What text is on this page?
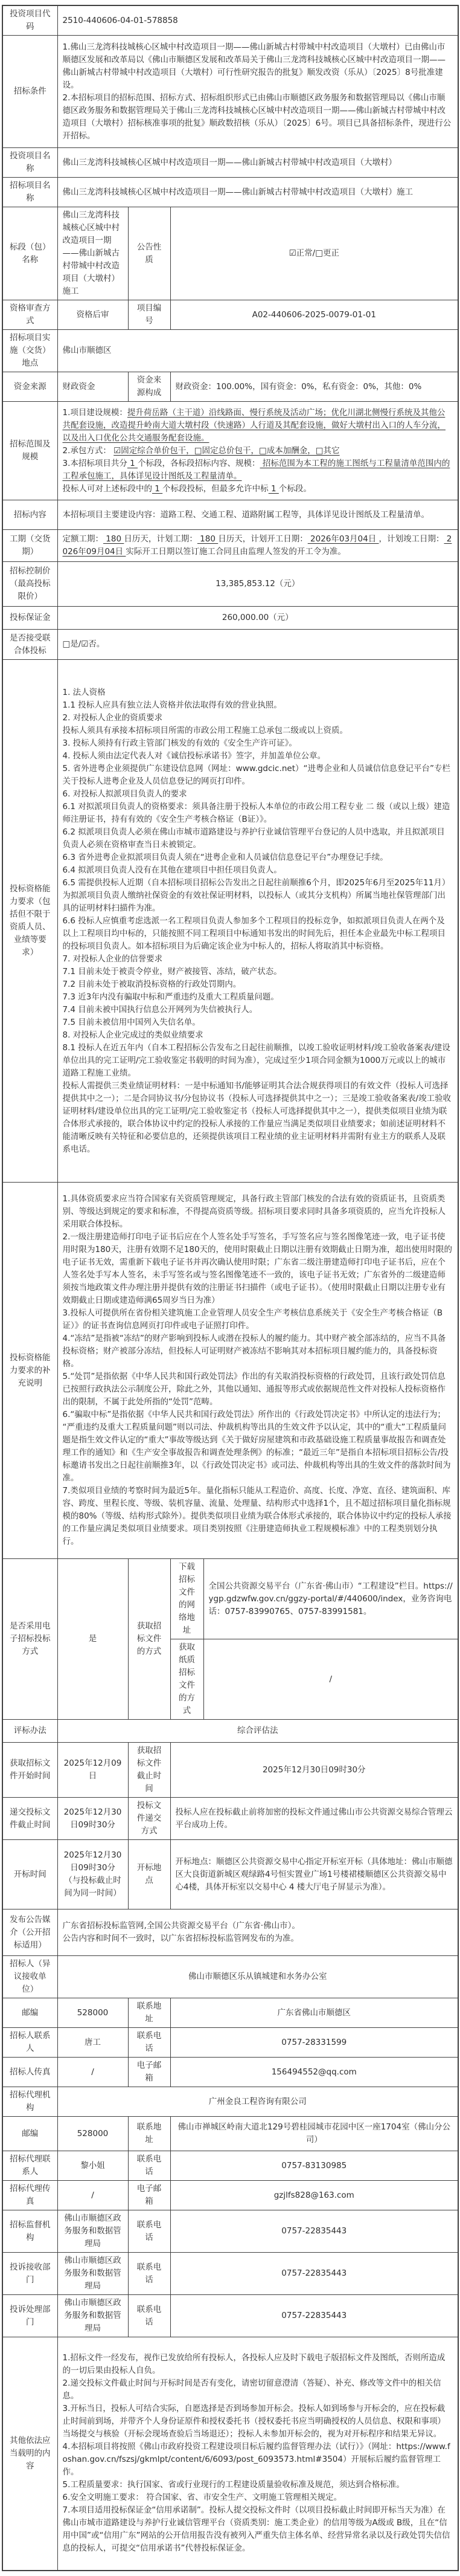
投资项目代码	2510-440606-04-01-578858			

招标条件	1.佛山三龙湾科技城核心区城中村改造项目一期——佛山新城古村带城中村改造项目（大墩村）已由佛山市顺德区发展和改革局以《佛山市顺德区发展和改革局关于佛山三龙湾科技城核心区城中村改造项目一期——佛山新城古村带城中村改造项目（大墩村）可行性研究报告的批复》顺发改资（乐从）〔2025〕8号批准建设。
2.本招标项目的招标范围、招标方式、招标组织形式已由佛山市顺德区政务服务和数据管理局以《佛山市顺德区政务服务和数据管理局关于佛山三龙湾科技城核心区城中村改造项目一期——佛山新城古村带城中村改造项目（大墩村）招标核准事项的批复》顺政数招核（乐从）〔2025〕6号。项目已具备招标条件，现进行公开招标。			

投资项目名称	佛山三龙湾科技城核心区城中村改造项目一期——佛山新城古村带城中村改造项目（大墩村）			

招标项目名称	佛山三龙湾科技城核心区城中村改造项目一期——佛山新城古村带城中村改造项目（大墩村）施工			

标段（包）名称	佛山三龙湾科技城核心区城中村改造项目一期——佛山新城古村带城中村改造项目（大墩村）施工	公告性质	☑正常/□更正	

资格审查方式	资格后审	项目编号	A02-440606-2025-0079-01-01	

招标项目实施（交货）地点	佛山市顺德区			

资金来源	财政资金	资金来源构成	财政资金：100.00%，国有资金：0%，私有资金：0%，其他：0%	

招标范围及规模	1.项目建设规模：提升荷岳路（主干道）沿线路面、慢行系统及活动广场；优化川湖北侧慢行系统及其他公共配套设施，改造提升岭南大道大墩村段（快速路）人行道及其配套设施，做好大墩村出入口的人车分流，以及出入口优化公共交通服务配套设施。
2.承包方式： ☑固定综合单价包干，□固定总价包干，□成本加酬金，□其它
3.本招标项目共分 1 个标段，各标段招标内容、规模： 招标范围为本工程的施工图纸与工程量清单范围内的工程承包施工，具体详见设计图纸及工程量清单。
投标人可对上述标段中的 1 个标段投标，但最多允许中标 1 个标段。			

招标内容	本招标项目主要建设内容：道路工程、交通工程、道路附属工程等，具体详见设计图纸及工程量清单。			

工期（交货期）	定额工期： 180 日历天，计划工期： 180 日历天，计划开工日期： 2026年03月04日 ，计划竣工日期： 2026年09月04日 实际开工日期以签订施工合同且由监理人签发的开工令为准。			

招标控制价（最高投标限价）	13,385,853.12（元）			

投标保证金	260,000.00（元）			

是否接受联合体投标	□是/☑否。			

投标资格能力要求（包括但不限于资质人员、业绩等要求）

1. 法人资格
1.1 投标人应具有独立法人资格并依法取得有效的营业执照。
2. 对投标人企业的资质要求
投标人须具有承接本招标项目所需的市政公用工程施工总承包二级或以上资质。
3. 投标人须持有行政主管部门核发的有效的《安全生产许可证》。
4. 投标人须由法定代表人对《诚信投标承诺书》签字，并加盖单位公章。
5. 省外进粤企业须提供广东建设信息网（网址：www.gdcic.net）“进粤企业和人员诚信信息登记平台”专栏关于投标人进粤企业及人员信息登记的网页打印件。
6. 对投标人拟派项目负责人的要求
6.1 对拟派项目负责人的资格要求：须具备注册于投标人本单位的市政公用工程专业 二 级（或以上级）建造师注册证书，持有有效的《安全生产考核合格证（B证）》。
6.2 拟派项目负责人必须在佛山市城市道路建设与养护行业诚信管理平台登记的人员中选取，并且拟派项目负责人必须在资格审查当日未被锁定。
6.3 省外进粤企业拟派项目负责人须在“进粤企业和人员诚信信息登记平台”办理登记手续。
6.4 拟派项目负责人没有在其他在建项目中担任项目负责人。
6.5 需提供投标人近期（自本招标项目招标公告发出之日起往前顺推6个月，即2025年6月至2025年11月）为拟派项目负责人缴纳社保资金的有效社保证明材料，以投标人（或其分支机构）所属当地社保管理部门出具的证明材料扫描件为准。
6.6 投标人应慎重考虑选派一名工程项目负责人参加多个工程项目的投标竞争，如拟派项目负责人在两个及以上工程项目均中标的，只能按照不同工程项目中标通知书发出的时间先后，担任本企业最先中标工程项目的投标项目负责人。如本招标项目为后确定该企业为中标人的，招标人将取消其中标资格。
7. 对投标人企业的信誉要求
7.1 目前未处于被责令停业，财产被接管、冻结，破产状态。
7.2 目前未处于被取消投标资格的行政处罚期内。
7.3 近3年内没有骗取中标和严重违约及重大工程质量问题。
7.4 目前未被中国执行信息公开网列为失信被执行人。
7.5 目前未被信用中国列入失信名单。
8. 对投标人企业完成过的类似业绩要求
8.1 投标人在近五年内（自本工程招标公告发布之日起往前顺推，以竣工验收证明材料/竣工验收备案表/建设单位出具的完工证明/完工验收鉴定书载明的时间为准），完成过至少1项合同金额为1000万元或以上的城市道路工程施工业绩。
投标人需提供三类业绩证明材料：一是中标通知书/能够证明其合法合规获得项目的有效文件（投标人可选择提供其中之一）；二是合同协议书/分包协议书（投标人可选择提供其中之一）；三是竣工验收备案表/竣工验收证明材料/建设单位出具的完工证明/完工验收鉴定书（投标人可选择提供其中之一），提供类似项目业绩为联合体形式承接的，联合体协议中约定的投标人承接的工作量应当满足类似项目业绩要求；如前述证明材料不能清晰反映有关特征和必要信息的，还须提供该项目工程业绩的业主证明材料并需附有业主方的联系人及联系电话。

投标资格能力要求的补充说明

1.具体资质要求应当符合国家有关资质管理规定，具备行政主管部门核发的合法有效的资质证书，且资质类别、等级达到规定的要求和标准，不得提高资质等级。招标项目要求同时具备多项资质的，应当允许投标人采用联合体投标。
2.一级注册建造师打印电子证书后应在个人签名处手写签名，手写签名应与签名图像笔迹一致，电子证书使用时限为180天，注册有效期不足180天的，使用时限截止日期以注册有效期截止日期为准，超出使用时限的电子证书无效，需重新下载电子证书并再次确认使用时限；广东省二级注册建造师打印电子证书后，应在个人签名处手写本人签名，未手写签名或与签名图像笔迹不一致的，该电子证书无效；广东省外的二级建造师须按当地政策文件办理注册并提供有效的注册证书扫描件（或电子证书）。（使用时限截止日期以注册专业有效期截止日期或建造师满65周岁当日为准）
3.投标人可提供所在省份相关建筑施工企业管理人员安全生产考核信息系统关于《安全生产考核合格证（B证）》的证书查询信息网页打印件或电子证照打印件。
4.“冻结”是指被“冻结”的财产影响到投标人或潜在投标人的履约能力。其中财产被全部冻结的，应当不具备投标资格；财产被部分冻结，但投标人可证明财产被冻结不影响其对本招标项目履约能力的，具备投标资格。
5.“处罚”是指依据《中华人民共和国行政处罚法》作出的有关取消投标资格的行政处罚，且该行政处罚信息已按照行政执法公示制度公开，除此之外，其他以通知、通报等形式或依据规范性文件对投标人投标资格作出的限制，不属于此处所指的“处罚”范畴。
6.“骗取中标”是指依据《中华人民共和国行政处罚法》所作出的《行政处罚决定书》中所认定的违法行为；“严重违约及重大工程质量问题”则以司法、仲裁机构等出具的生效文件予以认定，其中的“重大”工程质量问题是指生效文件认定的“重大”事故等级达到《关于做好房屋建筑和市政基础设施工程质量事故报告和调查处理工作的通知》和《生产安全事故报告和调查处理条例》的标准；“最近三年”是指自本招标项目招标公告/投标邀请书发出之日起往前顺推3年，以《行政处罚决定书》或司法、仲裁机构等出具的生效文件的落款时间为准。
7.类似项目业绩的考察时间为最近5年。量化指标只能从工程造价、高度、长度、净宽、直径、建筑面积、库容、跨度、里程长度、等级、装机容量、流量、处理量、结构形式中选择1个，且不超过招标项目量化指标规模的80%（等级、结构形式除外）。提供类似项目业绩为联合体形式承接的，联合体协议中约定的投标人承接的工作量应满足类似项目业绩要求。项目类别按照《注册建造师执业工程规模标准》中的工程类别划分执行。

是否采用电子招标投标方式	是	获取招标文件的方式	下载招标文件的网络地址	全国公共资源交易平台（广东省·佛山市）“工程建设”栏目。https://ygp.gdzwfw.gov.cn/ggzy-portal/#/440600/index，业务咨询电话：0757-83990765、0757-83991581。

			获取纸质招标文件的方式	/

评标办法	综合评估法			

获取招标文件开始时间	2025年12月09日	获取招标文件截止时间	2025年12月30日09时30分	

递交投标文件截止时间	2025年12月30日09时30分	投标文件递交方式	投标人应在投标截止前将加密的投标文件通过佛山市公共资源交易综合管理云平台成功上传。	

开标时间	2025年12月30日09时30分（与投标截止时间为同一时间）	开标地点	开标地点：顺德区公共资源交易中心指定开标室开标（具体地址：佛山市顺德区大良街道新城区观绿路4号恒实置业广场1号楼裙楼顺德区公共资源交易中心4楼，具体开标室以交易中心 4 楼大厅电子屏显示为准）。	

发布公告媒介（公开招标适用）	广东省招标投标监管网,全国公共资源交易平台（广东省·佛山市）。
公告内容和时间不一致时，以广东省招标投标监管网发布的为准。			

招标人（异议接收单位）	佛山市顺德区乐从镇城建和水务办公室			

邮编	528000	联系地址	广东省佛山市顺德区	

招标人联系人	唐工	联系电话	0757-28331599	

招标人传真	/	电子邮箱	156494552@qq.com	

招标代理机构	广州金良工程咨询有限公司			

邮编	528000	联系地址	佛山市禅城区岭南大道北129号碧桂园城市花园中区一座1704室（佛山分公司）	

招标代理联系人	黎小姐	联系电话	0757-83130985	

招标代理传真	/	电子邮箱	gzjlfs828@163.com	

招标监督机构	佛山市顺德区政务服务和数据管理局	联系电话	0757-22835443	

投诉接收部门	佛山市顺德区政务服务和数据管理局	联系电话	0757-22835443	

投诉处理部门	佛山市顺德区政务服务和数据管理局	联系电话	0757-22835443	

其他依法应当载明的内容

1.招标文件一经发布，视作已发放给所有投标人，各投标人应及时下载电子版招标文件及图纸，否则所造成的一切后果由投标人自负。
2.递交投标文件截止时间与开标时间是否有变化，请密切留意澄清（答疑）、补充、修改等文件中的相关信息。
3.开标当日，投标人可结合实际，自愿选择是否到场参加开标会。投标人如到场参与开标会的，应在投标截止时间前到场，并带齐个人身份证原件和授权委托书（授权委托书应当明确授权的人员信息、权限和事项）当场提交与核验（开标会现场查验后当场退还）；投标人未参加开标会的，视为对开标程序和结果无异议。
4.本招标项目将按照《佛山市政府投资工程建设项目标后履约监督管理办法（试行）》（网址：https://www.foshan.gov.cn/fszsj/gkmlpt/content/6/6093/post_6093573.html#3504）开展标后履约监督管理工作。
5.工程质量要求：执行国家、省或行业现行的工程建设质量验收标准及规范，须达到合格标准。
6.安全文明施工要求： 符合国家、省、市安全生产、文明施工管理相关规定。
7.本项目适用投标保证金“信用承诺制”。投标人提交投标文件时（以项目投标截止时间即开标当天为准）在佛山市城市道路建设与养护行业诚信管理平台（资质类别：施工类企业）的信用等级为A级或 B级，且在“信用中国”或“信用广东”网站的公开信用报告没有被列入严重失信主体名单、经营异常名录以及行政处罚失信信息的投标人，可提交“信用承诺书”代替投标保证金。
